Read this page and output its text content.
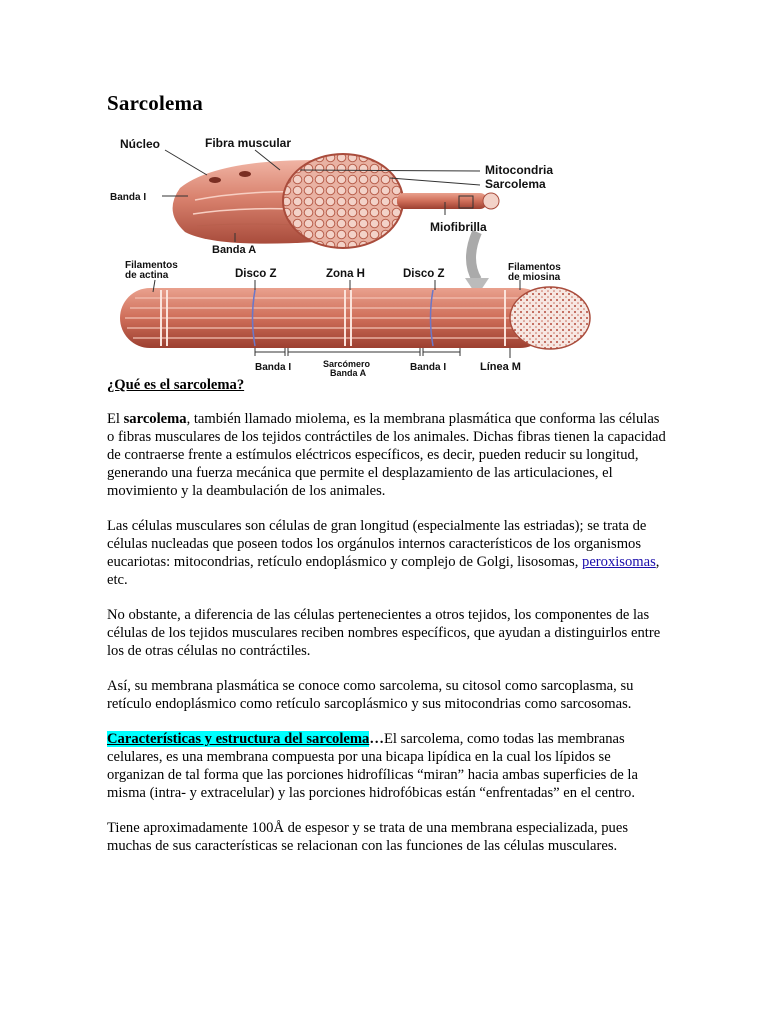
Sarcolema
Núcleo	Fibra muscular
Mitocondria
Sarcolema
Banda I
Miofibrilla
Banda A
Filamentos
de actina	Disco Z	Zona H	Disco Z
Filamentos
de miosina
Banda I	Sarcómero
Banda A	Banda I	Línea M
¿Qué es el sarcolema?

El sarcolema, también llamado miolema, es la membrana plasmática que conforma las células o fibras musculares de los tejidos contráctiles de los animales. Dichas fibras tienen la capacidad de contraerse frente a estímulos eléctricos específicos, es decir, pueden reducir su longitud, generando una fuerza mecánica que permite el desplazamiento de las articulaciones, el movimiento y la deambulación de los animales.

Las células musculares son células de gran longitud (especialmente las estriadas); se trata de células nucleadas que poseen todos los orgánulos internos característicos de los organismos eucariotas: mitocondrias, retículo endoplásmico y complejo de Golgi, lisosomas, peroxisomas, etc.

No obstante, a diferencia de las células pertenecientes a otros tejidos, los componentes de las células de los tejidos musculares reciben nombres específicos, que ayudan a distinguirlos entre los de otras células no contráctiles.

Así, su membrana plasmática se conoce como sarcolema, su citosol como sarcoplasma, su retículo endoplásmico como retículo sarcoplásmico y sus mitocondrias como sarcosomas.

Características y estructura del sarcolema…El sarcolema, como todas las membranas celulares, es una membrana compuesta por una bicapa lipídica en la cual los lípidos se organizan de tal forma que las porciones hidrofílicas “miran” hacia ambas superficies de la misma (intra- y extracelular) y las porciones hidrofóbicas están “enfrentadas” en el centro.

Tiene aproximadamente 100Å de espesor y se trata de una membrana especializada, pues muchas de sus características se relacionan con las funciones de las células musculares.
